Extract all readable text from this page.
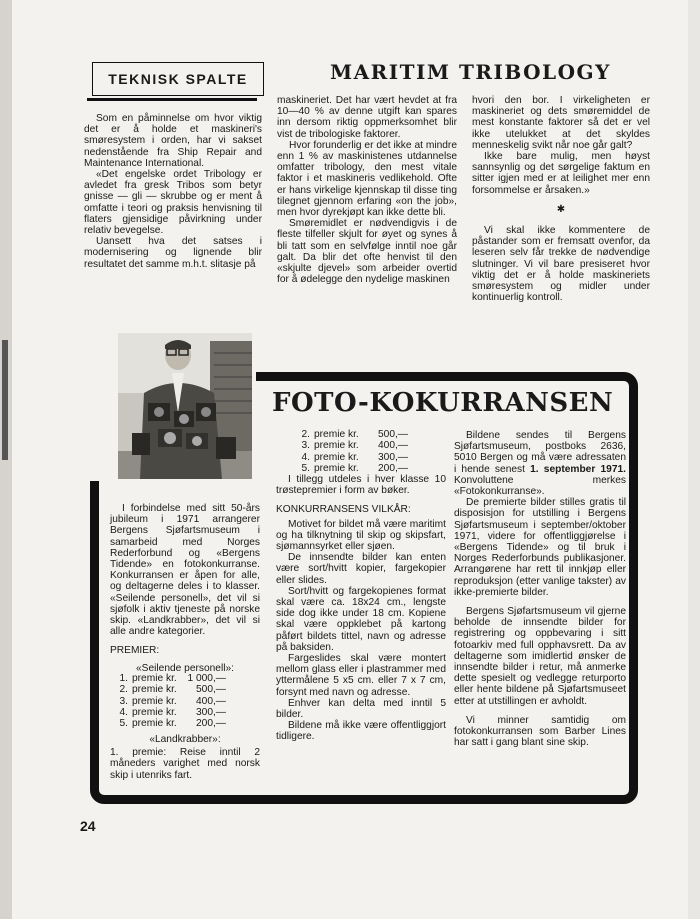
TEKNISK SPALTE	MARITIM TRIBOLOGY

Som en påminnelse om hvor viktig det er å holde et maskineri's smøresystem i orden, har vi sakset nedenstående fra Ship Repair and Maintenance International.

«Det engelske ordet Tribology er avledet fra gresk Tribos som betyr gnisse — gli — skrubbe og er ment å omfatte i teori og praksis henvisning til flaters gjensidige påvirkning under relativ bevegelse.

Uansett hva det satses i modernisering og lignende blir resultatet det samme m.h.t. slitasje på

maskineriet. Det har vært hevdet at fra 10—40 % av denne utgift kan spares inn dersom riktig oppmerksomhet blir vist de tribologiske faktorer.

Hvor forunderlig er det ikke at mindre enn 1 % av maskinistenes utdannelse omfatter tribology, den mest vitale faktor i et maskineris vedlikehold. Ofte er hans virkelige kjennskap til disse ting tilegnet gjennom erfaring «on the job», men hvor dyrekjøpt kan ikke dette bli.

Smøremidlet er nødvendigvis i de fleste tilfeller skjult for øyet og synes å bli tatt som en selvfølge inntil noe går galt. Da blir det ofte henvist til den «skjulte djevel» som arbeider overtid for å ødelegge den nydelige maskinen

hvori den bor. I virkeligheten er maskineriet og dets smøremiddel de mest konstante faktorer så det er vel ikke utelukket at det skyldes menneskelig svikt når noe går galt?

Ikke bare mulig, men høyst sannsynlig og det sørgelige faktum en sitter igjen med er at leilighet mer enn forsommelse er årsaken.»

✱

Vi skal ikke kommentere de påstander som er fremsatt ovenfor, da leseren selv får trekke de nødvendige slutninger. Vi vil bare presiseret hvor viktig det er å holde maskineriets smøresystem og midler under kontinuerlig kontroll.

FOTO-KOKURRANSEN

I forbindelse med sitt 50-års jubileum i 1971 arrangerer Bergens Sjøfartsmuseum i samarbeid med Norges Rederforbund og «Bergens Tidende» en fotokonkurranse. Konkurransen er åpen for alle, og deltagerne deles i to klasser. «Seilende personell», det vil si sjøfolk i aktiv tjeneste på norske skip. «Landkrabber», det vil si alle andre kategorier.

PREMIER:

«Seilende personell»:

1. premie kr.	1 000,—
2. premie kr.	500,—
3. premie kr.	400,—
4. premie kr.	300,—
5. premie kr.	200,—

«Landkrabber»:

1. premie: Reise inntil 2 måneders varighet med norsk skip i utenriks fart.

2. premie kr.	500,—
3. premie kr.	400,—
4. premie kr.	300,—
5. premie kr.	200,—

I tillegg utdeles i hver klasse 10 trøstepremier i form av bøker.

KONKURRANSENS VILKÅR:

Motivet for bildet må være maritimt og ha tilknytning til skip og skipsfart, sjømannsyrket eller sjøen.

De innsendte bilder kan enten være sort/hvitt kopier, fargekopier eller slides.

Sort/hvitt og fargekopienes format skal være ca. 18x24 cm., lengste side dog ikke under 18 cm. Kopiene skal være oppklebet på kartong påført bildets tittel, navn og adresse på baksiden.

Fargeslides skal være montert mellom glass eller i plastrammer med yttermålene 5 x5 cm. eller 7 x 7 cm, forsynt med navn og adresse.

Enhver kan delta med inntil 5 bilder.

Bildene må ikke være offentliggjort tidligere.

Bildene sendes til Bergens Sjøfartsmuseum, postboks 2636, 5010 Bergen og må være adressaten i hende senest 1. september 1971. Konvoluttene merkes «Fotokonkurranse».

De premierte bilder stilles gratis til disposisjon for utstilling i Bergens Sjøfartsmuseum i september/oktober 1971, videre for offentliggjørelse i «Bergens Tidende» og til bruk i Norges Rederforbunds publikasjoner. Arrangørene har rett til innkjøp eller reproduksjon (etter vanlige takster) av ikke-premierte bilder.

Bergens Sjøfartsmuseum vil gjerne beholde de innsendte bilder for registrering og oppbevaring i sitt fotoarkiv med full opphavsrett. Da av deltagerne som imidlertid ønsker de innsendte bilder i retur, må anmerke dette spesielt og vedlegge returporto eller hente bildene på Sjøfartsmuseet etter at utstillingen er avholdt.

Vi minner samtidig om fotokonkurransen som Barber Lines har satt i gang blant sine skip.

24
